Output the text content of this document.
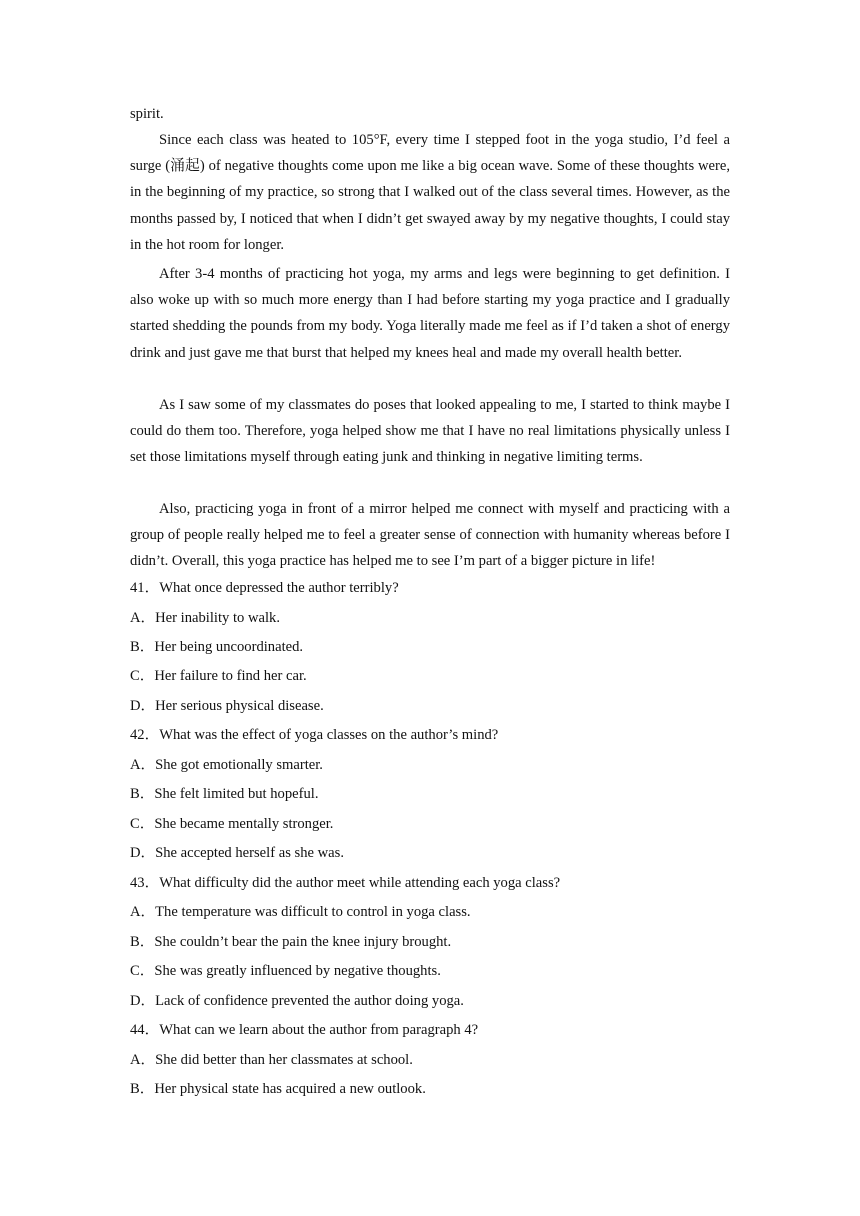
spirit.

Since each class was heated to 105°F, every time I stepped foot in the yoga studio, I’d feel a surge (涌起) of negative thoughts come upon me like a big ocean wave. Some of these thoughts were, in the beginning of my practice, so strong that I walked out of the class several times. However, as the months passed by, I noticed that when I didn’t get swayed away by my negative thoughts, I could stay in the hot room for longer.

After 3-4 months of practicing hot yoga, my arms and legs were beginning to get definition. I also woke up with so much more energy than I had before starting my yoga practice and I gradually started shedding the pounds from my body. Yoga literally made me feel as if I’d taken a shot of energy drink and just gave me that burst that helped my knees heal and made my overall health better.

As I saw some of my classmates do poses that looked appealing to me, I started to think maybe I could do them too. Therefore, yoga helped show me that I have no real limitations physically unless I set those limitations myself through eating junk and thinking in negative limiting terms.

Also, practicing yoga in front of a mirror helped me connect with myself and practicing with a group of people really helped me to feel a greater sense of connection with humanity whereas before I didn’t. Overall, this yoga practice has helped me to see I’m part of a bigger picture in life!

41．What once depressed the author terribly?
A．Her inability to walk.
B．Her being uncoordinated.
C．Her failure to find her car.
D．Her serious physical disease.
42．What was the effect of yoga classes on the author’s mind?
A．She got emotionally smarter.
B．She felt limited but hopeful.
C．She became mentally stronger.
D．She accepted herself as she was.
43．What difficulty did the author meet while attending each yoga class?
A．The temperature was difficult to control in yoga class.
B．She couldn’t bear the pain the knee injury brought.
C．She was greatly influenced by negative thoughts.
D．Lack of confidence prevented the author doing yoga.
44．What can we learn about the author from paragraph 4?
A．She did better than her classmates at school.
B．Her physical state has acquired a new outlook.
